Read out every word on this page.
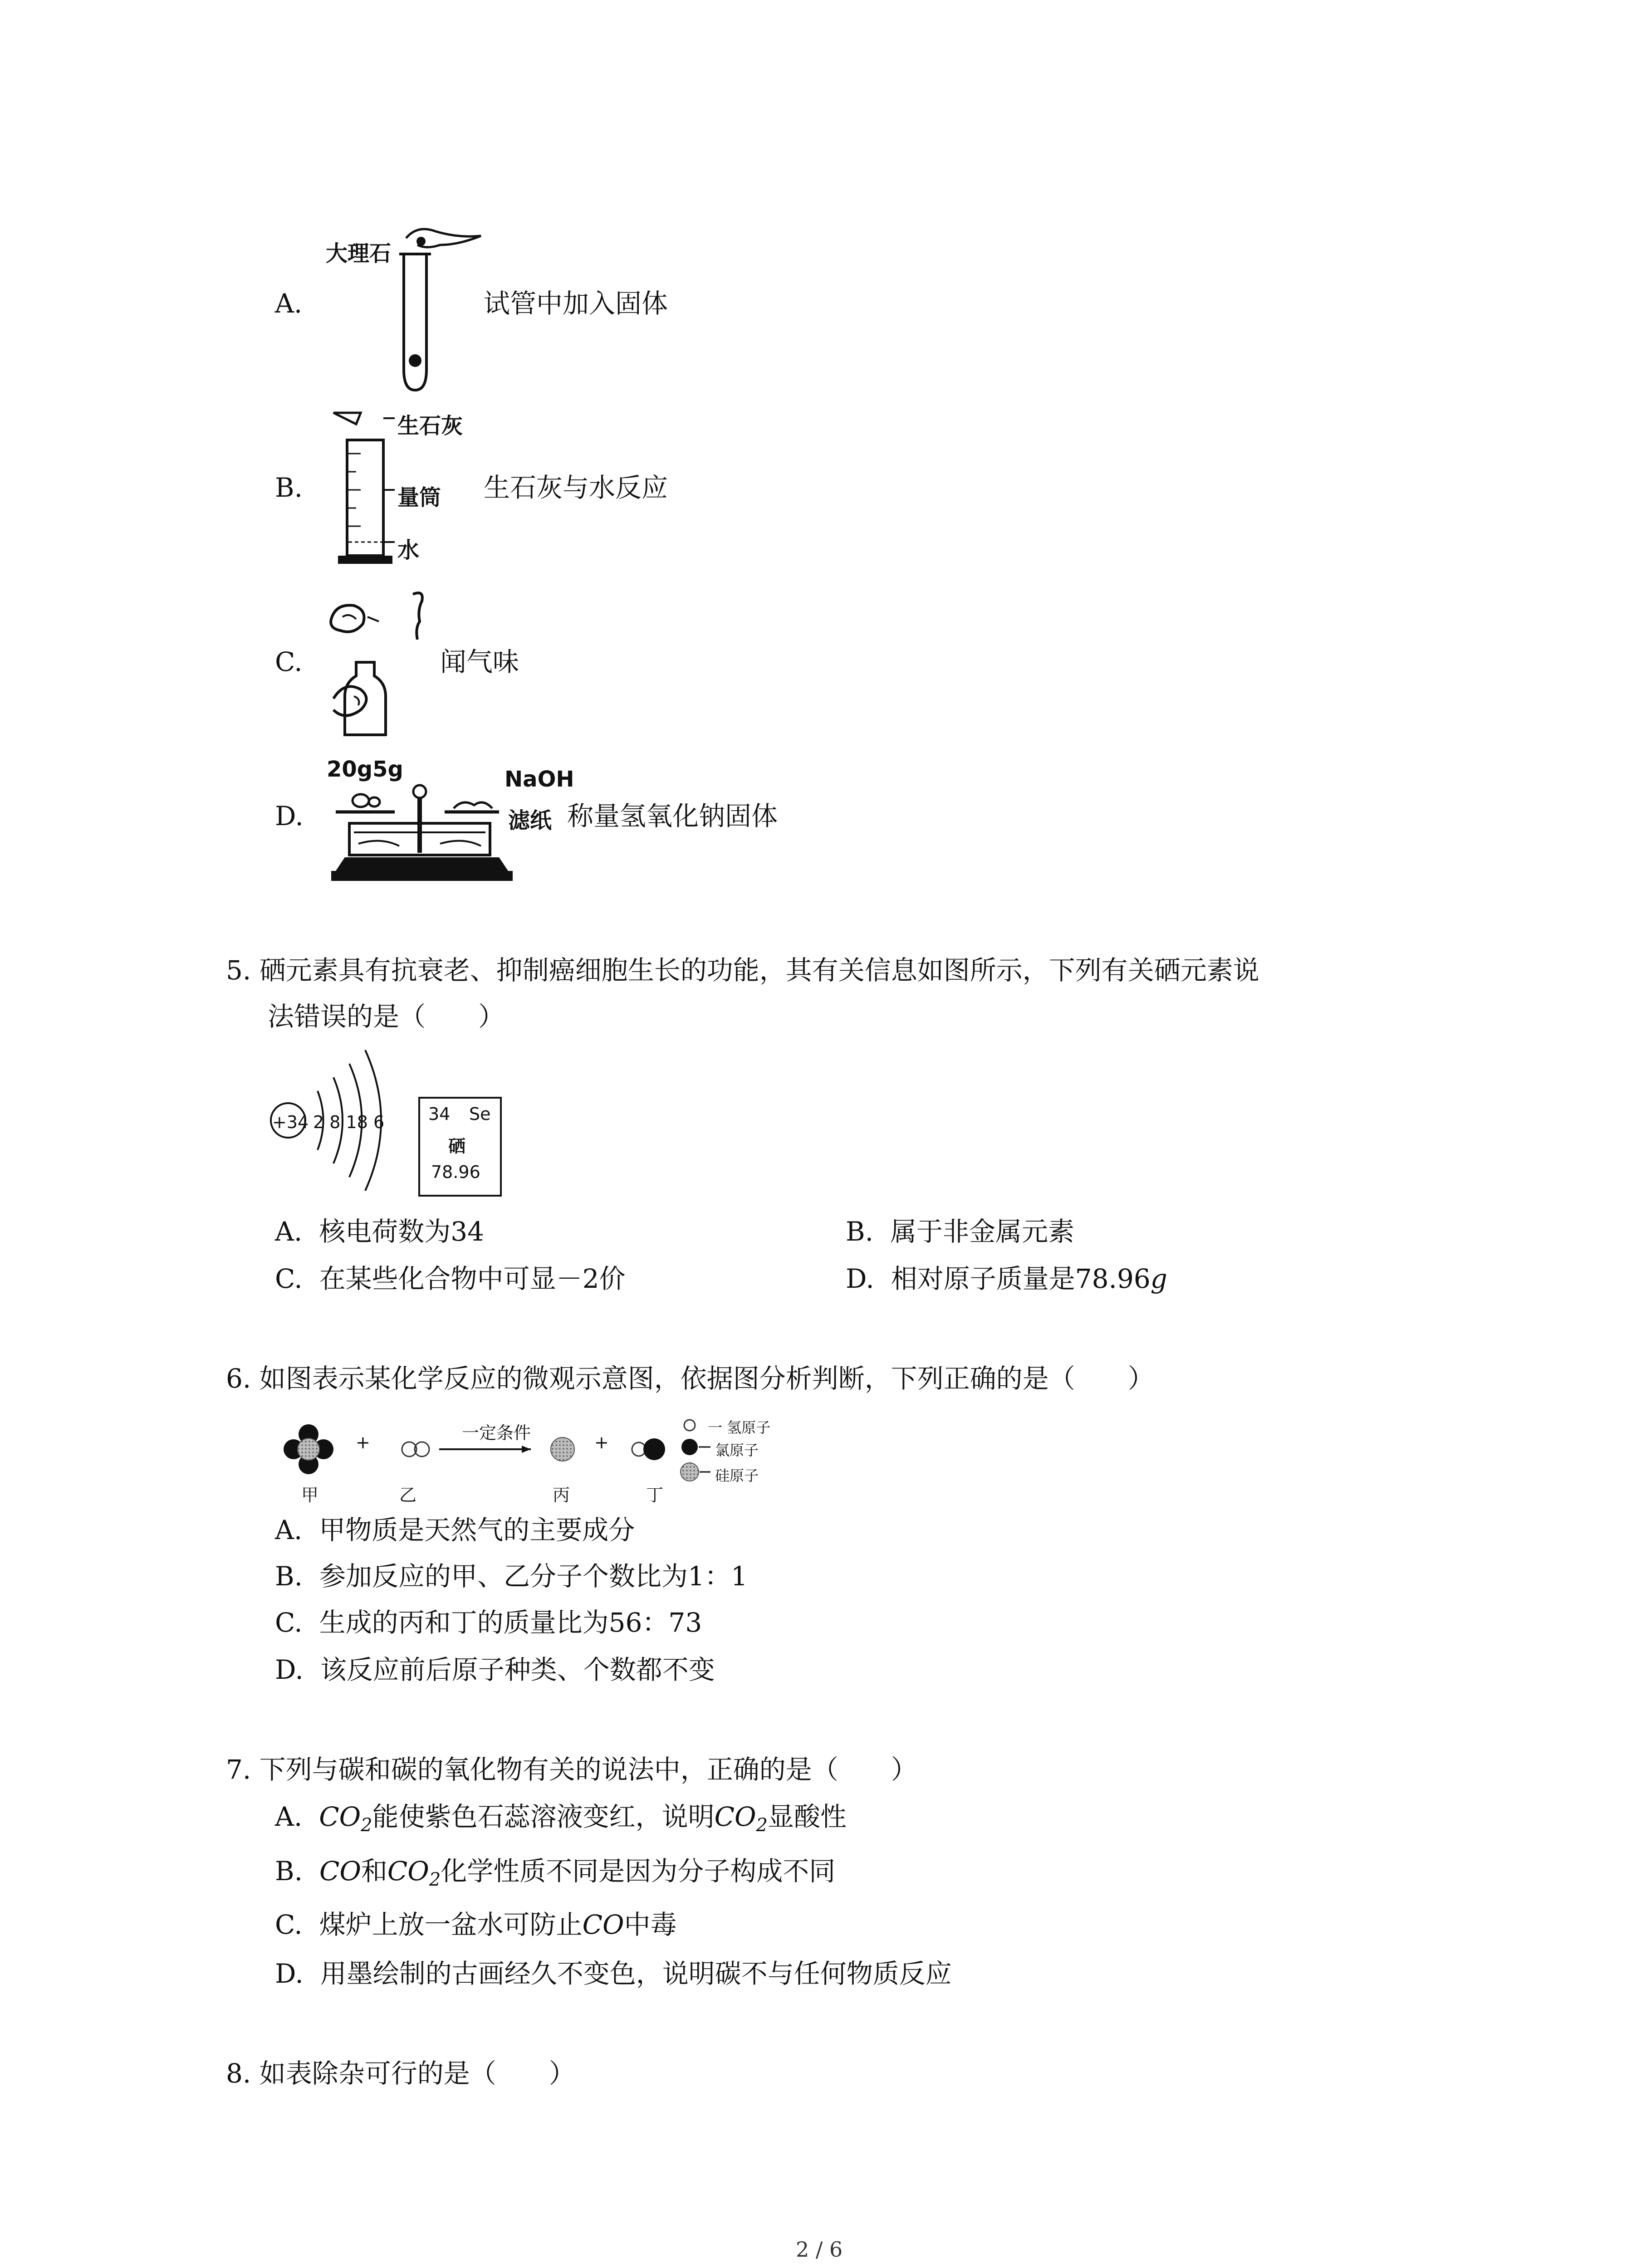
A.
大理石
试管中加入固体
B.
生石灰
量筒
水
生石灰与水反应
C.	闻气味
D.
20g5g	NaOH
滤纸 称量氢氧化钠固体
5. 硒元素具有抗衰老、抑制癌细胞生长的功能，其有关信息如图所示，下列有关硒元素说
法错误的是（　　）
+34 2 8 18 6	34 Se
硒
78.96
A. 核电荷数为34	B. 属于非金属元素
C. 在某些化合物中可显－2价	D. 相对原子质量是78.96g
6. 如图表示某化学反应的微观示意图，依据图分析判断，下列正确的是（　　）
+	+
一定条件
甲	乙	丙	丁
一 氢原子
氯原子
硅原子
A. 甲物质是天然气的主要成分
B. 参加反应的甲、乙分子个数比为1：1
C. 生成的丙和丁的质量比为56：73
D. 该反应前后原子种类、个数都不变
7. 下列与碳和碳的氧化物有关的说法中，正确的是（　　）
A. $CO_2$能使紫色石蕊溶液变红，说明$CO_2$显酸性
B. CO和$CO_2$化学性质不同是因为分子构成不同
C. 煤炉上放一盆水可防止CO中毒
D. 用墨绘制的古画经久不变色，说明碳不与任何物质反应
8. 如表除杂可行的是（　　）
2 / 6
